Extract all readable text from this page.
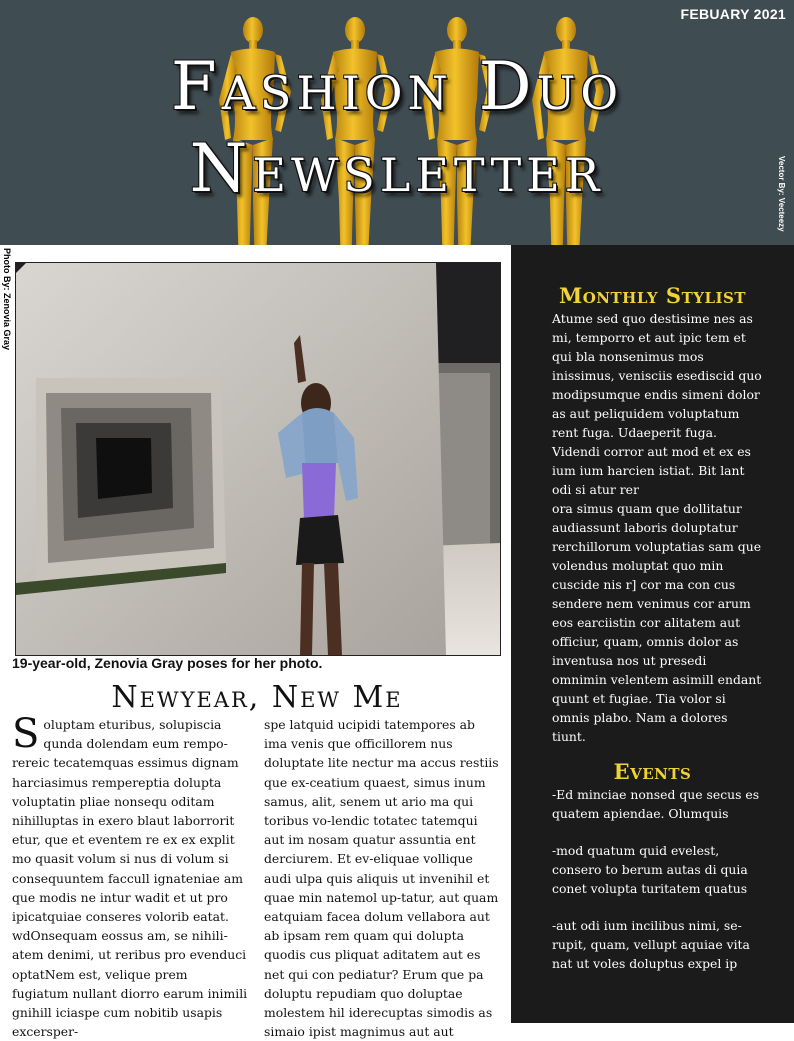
FEBUARY 2021
Fashion Duo
Newsletter	Vector By: Vecteezy
Photo By: Zenovia Gray
19-year-old, Zenovia Gray poses for her photo.
Newyear, New Me
Soluptam eturibus, solupiscia qunda dolendam eum rempo-rereic tecatemquas essimus dignam harciasimus rempereptia dolupta voluptatin pliae nonsequ oditam nihilluptas in exero blaut laborrorit etur, que et eventem re ex ex explit mo quasit volum si nus di volum si consequuntem faccull ignateniae am que modis ne intur wadit et ut pro ipicatquiae conseres volorib eatat. wdOnsequam eossus am, se nihili-atem denimi, ut reribus pro evenduci optatNem est, velique prem fugiatum nullant diorro earum inimili gnihill iciaspe cum nobitib usapis excersper-
spe latquid ucipidi tatempores ab ima venis que officillorem nus doluptate lite nectur ma accus restiis que ex-ceatium quaest, simus inum samus, alit, senem ut ario ma qui toribus vo-lendic totatec tatemqui aut im nosam quatur assuntia ent derciurem. Et ev-eliquae vollique audi ulpa quis aliquis ut invenihil et quae min natemol up-tatur, aut quam eatquiam facea dolum vellabora aut ab ipsam rem quam qui dolupta quodis cus pliquat aditatem aut es net qui con pediatur? Erum que pa doluptu repudiam quo doluptae molestem hil iderecuptas simodis as simaio ipist magnimus aut aut
Monthly Stylist
Atume sed quo destisime nes as mi, temporro et aut ipic tem et qui bla nonsenimus mos inissimus, venisciis esediscid quo modipsumque endis simeni dolor as aut peliquidem voluptatum rent fuga. Udaeperit fuga. Videndi corror aut mod et ex es ium ium harcien istiat. Bit lant odi si atur rer
ora simus quam que dollitatur audiassunt laboris doluptatur rerchillorum voluptatias sam que volendus moluptat quo min cuscide nis r] cor ma con cus sendere nem venimus cor arum eos earciistin cor alitatem aut officiur, quam, omnis dolor as inventusa nos ut presedi omnimin velentem asimill endant quunt et fugiae. Tia volor si omnis plabo. Nam a dolores tiunt.
Events

-Ed minciae nonsed que secus es quatem apiendae. Olumquis

-mod quatum quid evelest, consero to berum autas di quia conet volupta turitatem quatus

-aut odi ium incilibus nimi, se-rupit, quam, vellupt aquiae vita nat ut voles doluptus expel ip
